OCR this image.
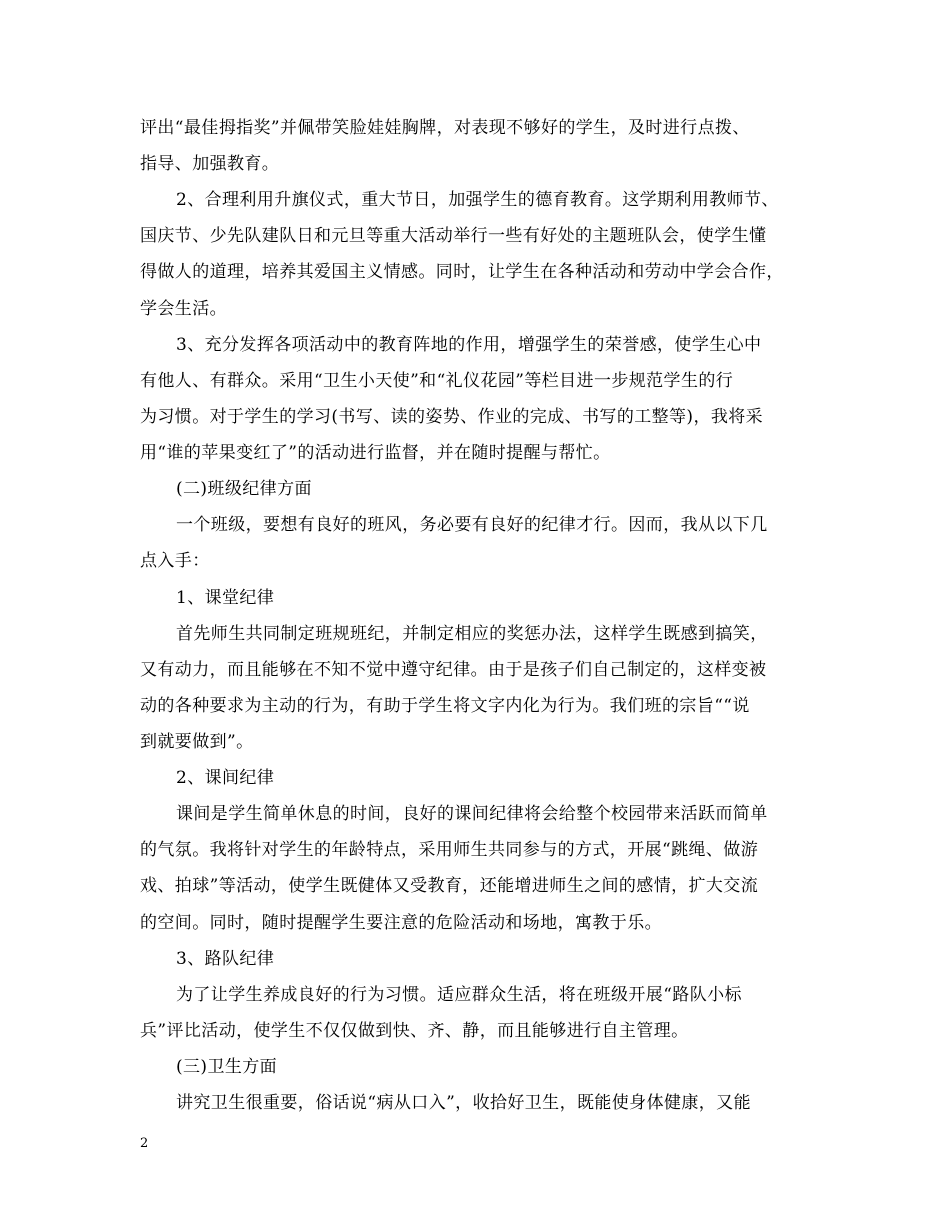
评出“最佳拇指奖”并佩带笑脸娃娃胸牌，对表现不够好的学生，及时进行点拨、
指导、加强教育。
2、合理利用升旗仪式，重大节日，加强学生的德育教育。这学期利用教师节、
国庆节、少先队建队日和元旦等重大活动举行一些有好处的主题班队会，使学生懂
得做人的道理，培养其爱国主义情感。同时，让学生在各种活动和劳动中学会合作，
学会生活。
3、充分发挥各项活动中的教育阵地的作用，增强学生的荣誉感，使学生心中
有他人、有群众。采用“卫生小天使”和“礼仪花园”等栏目进一步规范学生的行
为习惯。对于学生的学习(书写、读的姿势、作业的完成、书写的工整等)，我将采
用“谁的苹果变红了”的活动进行监督，并在随时提醒与帮忙。
(二)班级纪律方面
一个班级，要想有良好的班风，务必要有良好的纪律才行。因而，我从以下几
点入手：
1、课堂纪律
首先师生共同制定班规班纪，并制定相应的奖惩办法，这样学生既感到搞笑，
又有动力，而且能够在不知不觉中遵守纪律。由于是孩子们自己制定的，这样变被
动的各种要求为主动的行为，有助于学生将文字内化为行为。我们班的宗旨““说
到就要做到”。
2、课间纪律
课间是学生简单休息的时间，良好的课间纪律将会给整个校园带来活跃而简单
的气氛。我将针对学生的年龄特点，采用师生共同参与的方式，开展“跳绳、做游
戏、拍球”等活动，使学生既健体又受教育，还能增进师生之间的感情，扩大交流
的空间。同时，随时提醒学生要注意的危险活动和场地，寓教于乐。
3、路队纪律
为了让学生养成良好的行为习惯。适应群众生活，将在班级开展“路队小标
兵”评比活动，使学生不仅仅做到快、齐、静，而且能够进行自主管理。
(三)卫生方面
讲究卫生很重要，俗话说“病从口入”，收拾好卫生，既能使身体健康，又能
2
